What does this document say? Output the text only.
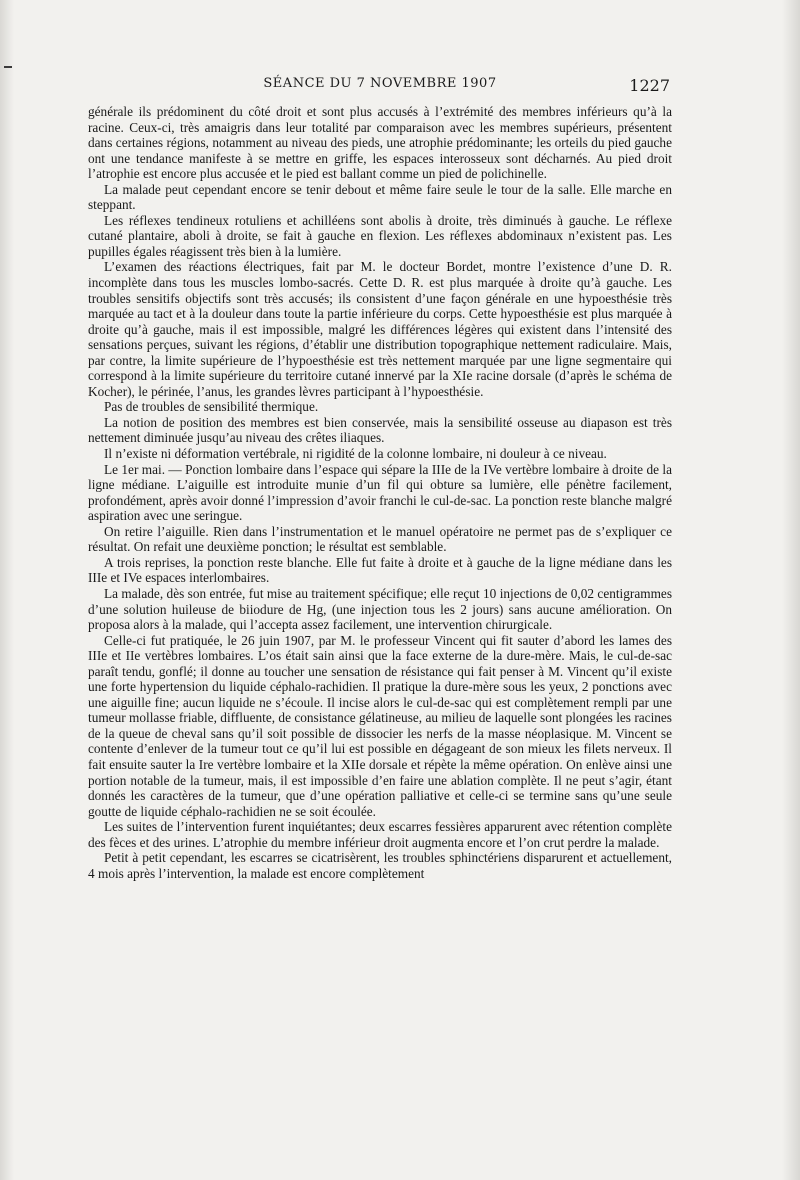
SÉANCE DU 7 NOVEMBRE 1907	1227

générale ils prédominent du côté droit et sont plus accusés à l’extrémité des membres inférieurs qu’à la racine. Ceux-ci, très amaigris dans leur totalité par comparaison avec les membres supérieurs, présentent dans certaines régions, notamment au niveau des pieds, une atrophie prédominante; les orteils du pied gauche ont une tendance manifeste à se mettre en griffe, les espaces interosseux sont décharnés. Au pied droit l’atrophie est encore plus accusée et le pied est ballant comme un pied de polichinelle.

La malade peut cependant encore se tenir debout et même faire seule le tour de la salle. Elle marche en steppant.

Les réflexes tendineux rotuliens et achilléens sont abolis à droite, très diminués à gauche. Le réflexe cutané plantaire, aboli à droite, se fait à gauche en flexion. Les réflexes abdominaux n’existent pas. Les pupilles égales réagissent très bien à la lumière.

L’examen des réactions électriques, fait par M. le docteur Bordet, montre l’existence d’une D. R. incomplète dans tous les muscles lombo-sacrés. Cette D. R. est plus marquée à droite qu’à gauche. Les troubles sensitifs objectifs sont très accusés; ils consistent d’une façon générale en une hypoesthésie très marquée au tact et à la douleur dans toute la partie inférieure du corps. Cette hypoesthésie est plus marquée à droite qu’à gauche, mais il est impossible, malgré les différences légères qui existent dans l’intensité des sensations perçues, suivant les régions, d’établir une distribution topographique nettement radiculaire. Mais, par contre, la limite supérieure de l’hypoesthésie est très nettement marquée par une ligne segmentaire qui correspond à la limite supérieure du territoire cutané innervé par la XIe racine dorsale (d’après le schéma de Kocher), le périnée, l’anus, les grandes lèvres participant à l’hypoesthésie.

Pas de troubles de sensibilité thermique.

La notion de position des membres est bien conservée, mais la sensibilité osseuse au diapason est très nettement diminuée jusqu’au niveau des crêtes iliaques.

Il n’existe ni déformation vertébrale, ni rigidité de la colonne lombaire, ni douleur à ce niveau.

Le 1er mai. — Ponction lombaire dans l’espace qui sépare la IIIe de la IVe vertèbre lombaire à droite de la ligne médiane. L’aiguille est introduite munie d’un fil qui obture sa lumière, elle pénètre facilement, profondément, après avoir donné l’impression d’avoir franchi le cul-de-sac. La ponction reste blanche malgré aspiration avec une seringue.

On retire l’aiguille. Rien dans l’instrumentation et le manuel opératoire ne permet pas de s’expliquer ce résultat. On refait une deuxième ponction; le résultat est semblable.

A trois reprises, la ponction reste blanche. Elle fut faite à droite et à gauche de la ligne médiane dans les IIIe et IVe espaces interlombaires.

La malade, dès son entrée, fut mise au traitement spécifique; elle reçut 10 injections de 0,02 centigrammes d’une solution huileuse de biiodure de Hg, (une injection tous les 2 jours) sans aucune amélioration. On proposa alors à la malade, qui l’accepta assez facilement, une intervention chirurgicale.

Celle-ci fut pratiquée, le 26 juin 1907, par M. le professeur Vincent qui fit sauter d’abord les lames des IIIe et IIe vertèbres lombaires. L’os était sain ainsi que la face externe de la dure-mère. Mais, le cul-de-sac paraît tendu, gonflé; il donne au toucher une sensation de résistance qui fait penser à M. Vincent qu’il existe une forte hypertension du liquide céphalo-rachidien. Il pratique la dure-mère sous les yeux, 2 ponctions avec une aiguille fine; aucun liquide ne s’écoule. Il incise alors le cul-de-sac qui est complètement rempli par une tumeur mollasse friable, diffluente, de consistance gélatineuse, au milieu de laquelle sont plongées les racines de la queue de cheval sans qu’il soit possible de dissocier les nerfs de la masse néoplasique. M. Vincent se contente d’enlever de la tumeur tout ce qu’il lui est possible en dégageant de son mieux les filets nerveux. Il fait ensuite sauter la Ire vertèbre lombaire et la XIIe dorsale et répète la même opération. On enlève ainsi une portion notable de la tumeur, mais, il est impossible d’en faire une ablation complète. Il ne peut s’agir, étant donnés les caractères de la tumeur, que d’une opération palliative et celle-ci se termine sans qu’une seule goutte de liquide céphalo-rachidien ne se soit écoulée.

Les suites de l’intervention furent inquiétantes; deux escarres fessières apparurent avec rétention complète des fèces et des urines. L’atrophie du membre inférieur droit augmenta encore et l’on crut perdre la malade.

Petit à petit cependant, les escarres se cicatrisèrent, les troubles sphinctériens disparurent et actuellement, 4 mois après l’intervention, la malade est encore complètement
